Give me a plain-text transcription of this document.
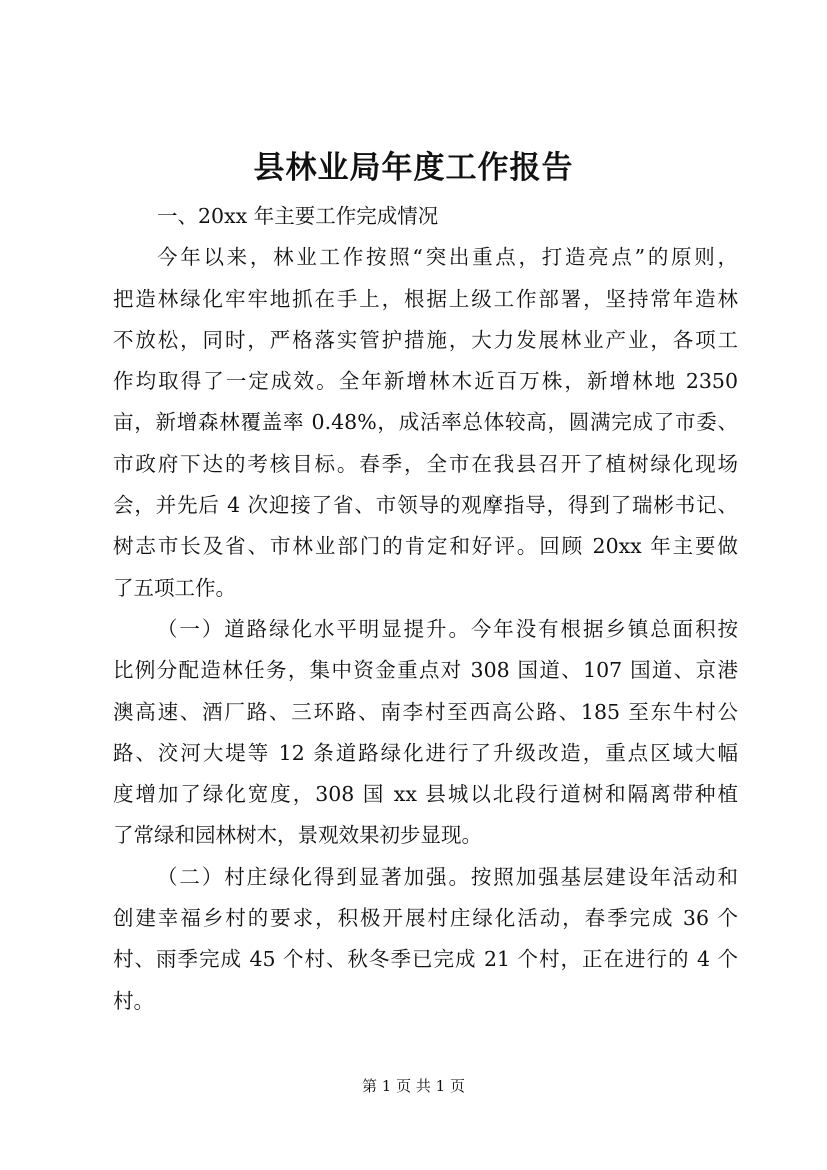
县林业局年度工作报告
一、20xx 年主要工作完成情况
今年以来，林业工作按照“突出重点，打造亮点”的原则，
把造林绿化牢牢地抓在手上，根据上级工作部署，坚持常年造林
不放松，同时，严格落实管护措施，大力发展林业产业，各项工
作均取得了一定成效。全年新增林木近百万株，新增林地 2350
亩，新增森林覆盖率 0.48%，成活率总体较高，圆满完成了市委、
市政府下达的考核目标。春季，全市在我县召开了植树绿化现场
会，并先后 4 次迎接了省、市领导的观摩指导，得到了瑞彬书记、
树志市长及省、市林业部门的肯定和好评。回顾 20xx 年主要做
了五项工作。
（一）道路绿化水平明显提升。今年没有根据乡镇总面积按
比例分配造林任务，集中资金重点对 308 国道、107 国道、京港
澳高速、酒厂路、三环路、南李村至西高公路、185 至东牛村公
路、洨河大堤等 12 条道路绿化进行了升级改造，重点区域大幅
度增加了绿化宽度，308 国 xx 县城以北段行道树和隔离带种植
了常绿和园林树木，景观效果初步显现。
（二）村庄绿化得到显著加强。按照加强基层建设年活动和
创建幸福乡村的要求，积极开展村庄绿化活动，春季完成 36 个
村、雨季完成 45 个村、秋冬季已完成 21 个村，正在进行的 4 个
村。
第 1 页 共 1 页
